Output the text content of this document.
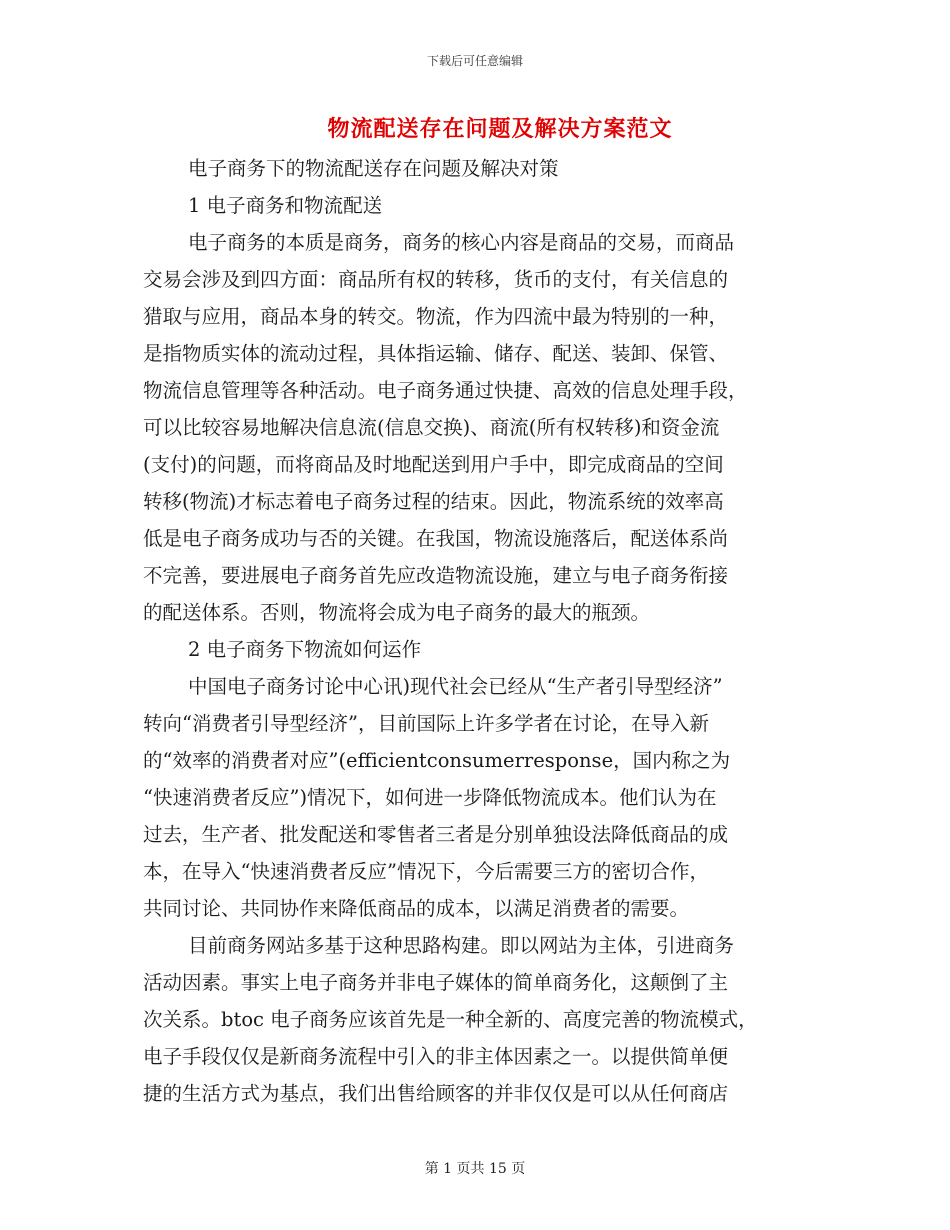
下载后可任意编辑
物流配送存在问题及解决方案范文
电子商务下的物流配送存在问题及解决对策
1 电子商务和物流配送
电子商务的本质是商务，商务的核心内容是商品的交易，而商品
交易会涉及到四方面：商品所有权的转移，货币的支付，有关信息的
猎取与应用，商品本身的转交。物流，作为四流中最为特别的一种，
是指物质实体的流动过程，具体指运输、储存、配送、装卸、保管、
物流信息管理等各种活动。电子商务通过快捷、高效的信息处理手段，
可以比较容易地解决信息流(信息交换)、商流(所有权转移)和资金流
(支付)的问题，而将商品及时地配送到用户手中，即完成商品的空间
转移(物流)才标志着电子商务过程的结束。因此，物流系统的效率高
低是电子商务成功与否的关键。在我国，物流设施落后，配送体系尚
不完善，要进展电子商务首先应改造物流设施，建立与电子商务衔接
的配送体系。否则，物流将会成为电子商务的最大的瓶颈。
2 电子商务下物流如何运作
中国电子商务讨论中心讯)现代社会已经从“生产者引导型经济”
转向“消费者引导型经济”，目前国际上许多学者在讨论，在导入新
的“效率的消费者对应”(efficientconsumerresponse，国内称之为
“快速消费者反应”)情况下，如何进一步降低物流成本。他们认为在
过去，生产者、批发配送和零售者三者是分别单独设法降低商品的成
本，在导入“快速消费者反应”情况下，今后需要三方的密切合作，
共同讨论、共同协作来降低商品的成本，以满足消费者的需要。
目前商务网站多基于这种思路构建。即以网站为主体，引进商务
活动因素。事实上电子商务并非电子媒体的简单商务化，这颠倒了主
次关系。btoc 电子商务应该首先是一种全新的、高度完善的物流模式，
电子手段仅仅是新商务流程中引入的非主体因素之一。以提供简单便
捷的生活方式为基点，我们出售给顾客的并非仅仅是可以从任何商店
第 1 页共 15 页
